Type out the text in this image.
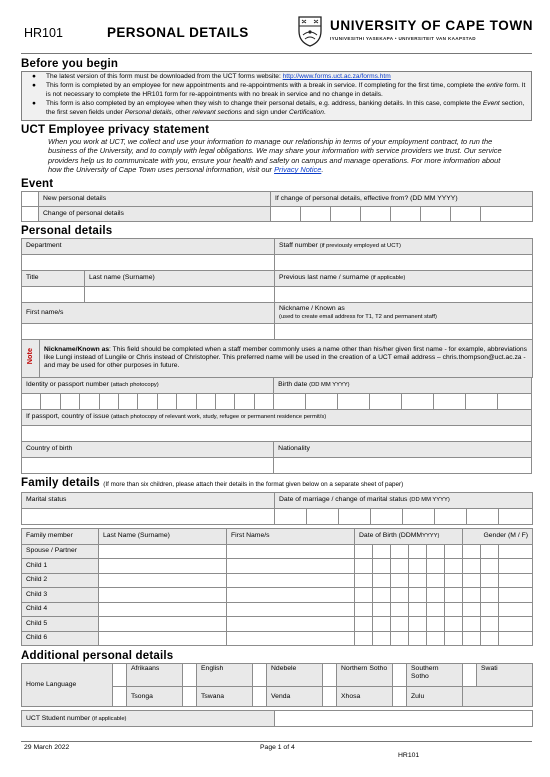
HR101	PERSONAL DETAILS	UNIVERSITY OF CAPE TOWN
IYUNIVESITHI YASEKAPA • UNIVERSITEIT VAN KAAPSTAD
Before you begin
● The latest version of this form must be downloaded from the UCT forms website: http://www.forms.uct.ac.za/forms.htm
● This form is completed by an employee for new appointments and re-appointments with a break in service. If completing for the first time, complete the entire form. It is not necessary to complete the HR101 form for re-appointments with no break in service and no change in details.
● This form is also completed by an employee when they wish to change their personal details, e.g. address, banking details. In this case, complete the Event section, the first seven fields under Personal details, other relevant sections and sign under Certification.
UCT Employee privacy statement

When you work at UCT, we collect and use your information to manage our relationship in terms of your employment contract, to run the business of the University, and to comply with legal obligations. We may share your information with service providers we trust. Our service providers help us to communicate with you, ensure your health and safety on campus and manage operations. For more information about how the University of Cape Town uses personal information, visit our Privacy Notice.

Event
	New personal details	If change of personal details, effective from? (DD MM YYYY)							
	Change of personal details								
Personal details
Department		Staff number (if previously employed at UCT)

Title	Last name (Surname)	Previous last name / surname (if applicable)

First name/s		Nickname / Known as
(used to create email address for T1, T2 and permanent staff)

Note	Nickname/Known as: This field should be completed when a staff member commonly uses a name other than his/her given first name - for example, abbreviations like Lungi instead of Lungile or Chris instead of Christopher. This preferred name will be used in the creation of a UCT email address – chris.thompson@uct.ac.za - and may be used for other purposes in future.
Identity or passport number (attach photocopy)													Birth date (DD MM YYYY)							

If passport, country of issue (attach photocopy of relevant work, study, refugee or permanent residence permit/s)																				

Country of birth													Nationality							

Family details (If more than six children, please attach their details in the format given below on a separate sheet of paper)
Marital status	Date of marriage / change of marital status (DD MM YYYY)							

Family member	Last Name (Surname)	First Name/s	Date of Birth (DDMMYYYY)						Gender (M / F)		
Spouse / Partner											
Child 1											
Child 2											
Child 3											
Child 4											
Child 5											
Child 6											
Additional personal details
Home Language		Afrikaans		English		Ndebele		Northern Sotho		Southern Sotho		Swati
		Tsonga		Tswana		Venda		Xhosa		Zulu		
UCT Student number (if applicable)	
29 March 2022	Page 1 of 4
HR101
